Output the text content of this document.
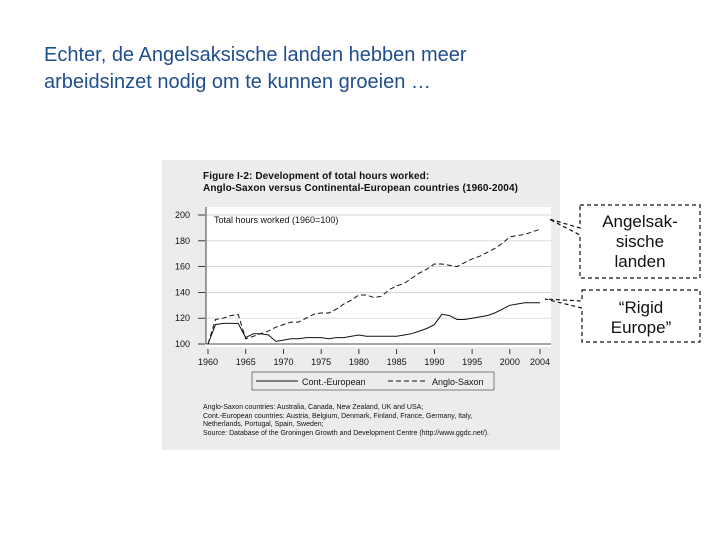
Echter, de Angelsaksische landen hebben meer
arbeidsinzet nodig om te kunnen groeien …
Figure I-2: Development of total hours worked:
Anglo-Saxon versus Continental-European countries (1960-2004)
Total hours worked (1960=100)
100
120
140
160
180
200
1960 1965 1970 1975 1980 1985 1990 1995 2000 2004
Cont.-European	Anglo-Saxon
Angelsak-
sische
landen
“Rigid
Europe”
Anglo-Saxon countries: Australia, Canada, New Zealand, UK and USA;
Cont.-European countries: Austria, Belgium, Denmark, Finland, France, Germany, Italy,
Netherlands, Portugal, Spain, Sweden;
Source: Database of the Groningen Growth and Development Centre (http://www.ggdc.net/).
